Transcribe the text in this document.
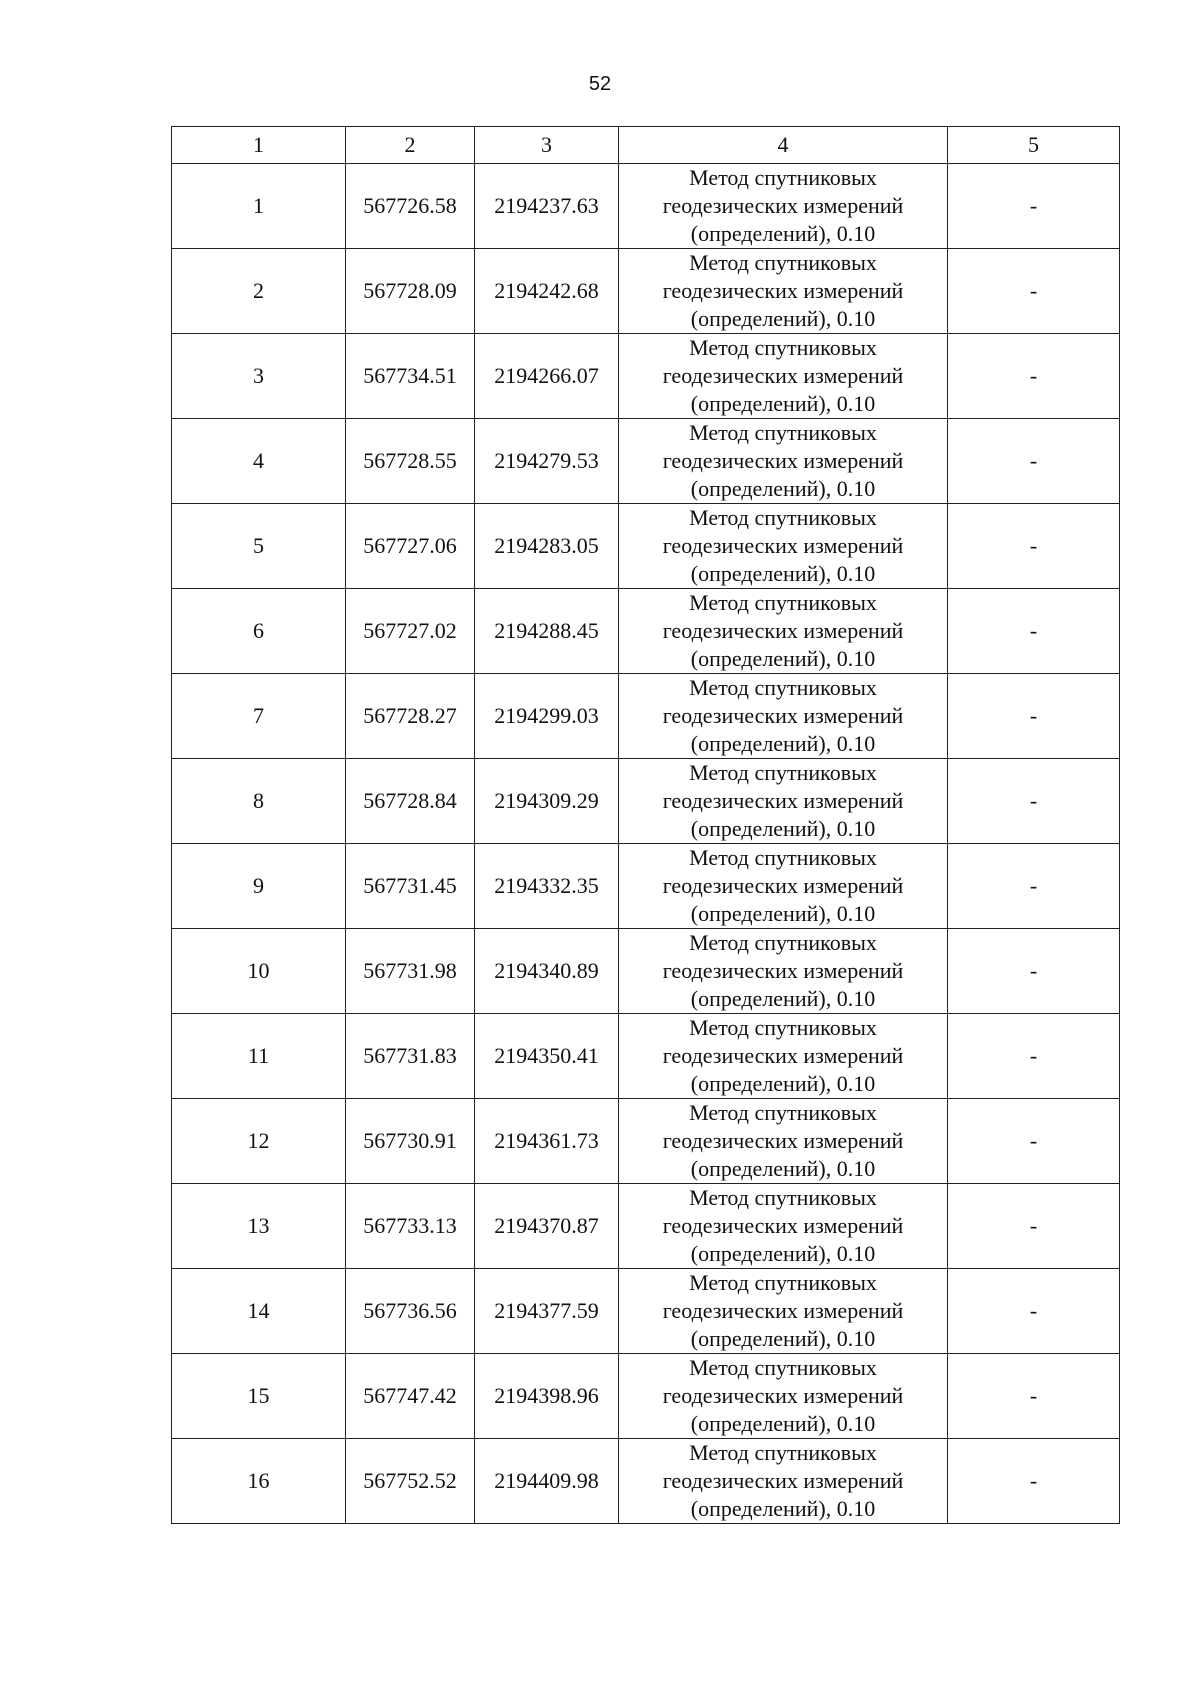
52
1	2	3	4	5
1	567726.58	2194237.63	Метод спутниковых
геодезических измерений
(определений), 0.10	-
2	567728.09	2194242.68	Метод спутниковых
геодезических измерений
(определений), 0.10	-
3	567734.51	2194266.07	Метод спутниковых
геодезических измерений
(определений), 0.10	-
4	567728.55	2194279.53	Метод спутниковых
геодезических измерений
(определений), 0.10	-
5	567727.06	2194283.05	Метод спутниковых
геодезических измерений
(определений), 0.10	-
6	567727.02	2194288.45	Метод спутниковых
геодезических измерений
(определений), 0.10	-
7	567728.27	2194299.03	Метод спутниковых
геодезических измерений
(определений), 0.10	-
8	567728.84	2194309.29	Метод спутниковых
геодезических измерений
(определений), 0.10	-
9	567731.45	2194332.35	Метод спутниковых
геодезических измерений
(определений), 0.10	-
10	567731.98	2194340.89	Метод спутниковых
геодезических измерений
(определений), 0.10	-
11	567731.83	2194350.41	Метод спутниковых
геодезических измерений
(определений), 0.10	-
12	567730.91	2194361.73	Метод спутниковых
геодезических измерений
(определений), 0.10	-
13	567733.13	2194370.87	Метод спутниковых
геодезических измерений
(определений), 0.10	-
14	567736.56	2194377.59	Метод спутниковых
геодезических измерений
(определений), 0.10	-
15	567747.42	2194398.96	Метод спутниковых
геодезических измерений
(определений), 0.10	-
16	567752.52	2194409.98	Метод спутниковых
геодезических измерений
(определений), 0.10	-
